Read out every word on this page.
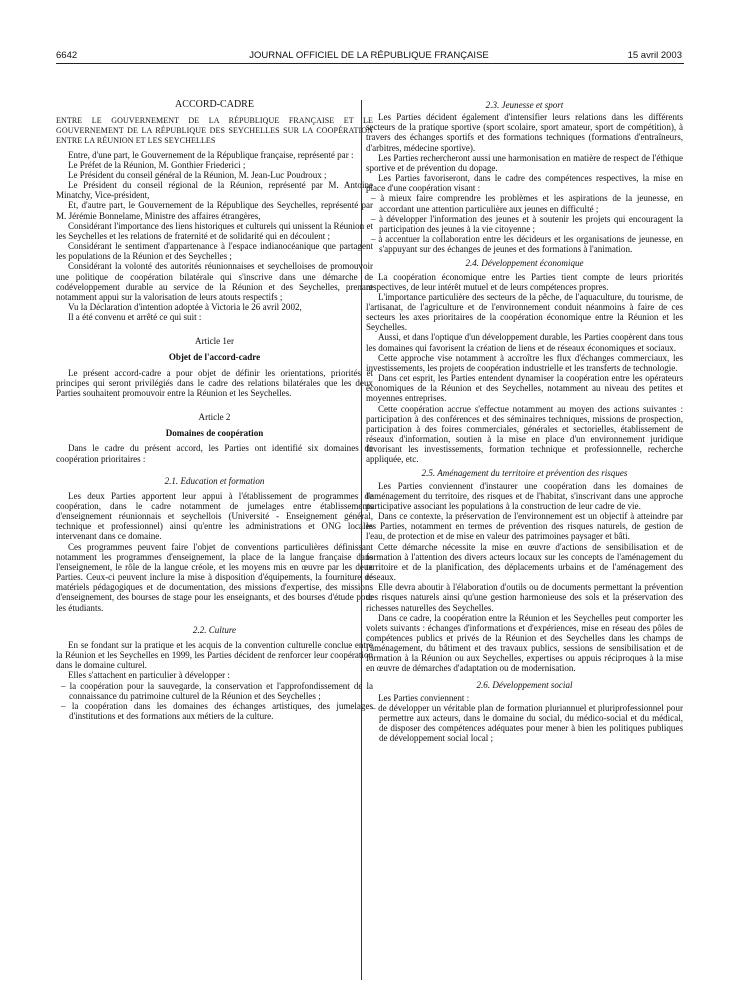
6642	JOURNAL OFFICIEL DE LA RÉPUBLIQUE FRANÇAISE	15 avril 2003

ACCORD-CADRE

ENTRE LE GOUVERNEMENT DE LA RÉPUBLIQUE FRANÇAISE ET LE GOUVERNEMENT DE LA RÉPUBLIQUE DES SEYCHELLES SUR LA COOPÉRATION ENTRE LA RÉUNION ET LES SEYCHELLES

Entre, d'une part, le Gouvernement de la République française, représenté par :

Le Préfet de la Réunion, M. Gonthier Friederici ;

Le Président du conseil général de la Réunion, M. Jean-Luc Poudroux ;

Le Président du conseil régional de la Réunion, représenté par M. Antoine Minatchy, Vice-président,

Et, d'autre part, le Gouvernement de la République des Seychelles, représenté par M. Jérémie Bonnelame, Ministre des affaires étrangères,

Considérant l'importance des liens historiques et culturels qui unissent la Réunion et les Seychelles et les relations de fraternité et de solidarité qui en découlent ;

Considérant le sentiment d'appartenance à l'espace indianocéanique que partagent les populations de la Réunion et des Seychelles ;

Considérant la volonté des autorités réunionnaises et seychelloises de promouvoir une politique de coopération bilatérale qui s'inscrive dans une démarche de codéveloppement durable au service de la Réunion et des Seychelles, prenant notamment appui sur la valorisation de leurs atouts respectifs ;

Vu la Déclaration d'intention adoptée à Victoria le 26 avril 2002,

Il a été convenu et arrêté ce qui suit :

Article 1er

Objet de l'accord-cadre

Le présent accord-cadre a pour objet de définir les orientations, priorités et principes qui seront privilégiés dans le cadre des relations bilatérales que les deux Parties souhaitent promouvoir entre la Réunion et les Seychelles.

Article 2

Domaines de coopération

Dans le cadre du présent accord, les Parties ont identifié six domaines de coopération prioritaires :

2.1. Education et formation

Les deux Parties apportent leur appui à l'établissement de programmes de coopération, dans le cadre notamment de jumelages entre établissements d'enseignement réunionnais et seychellois (Université - Enseignement général, technique et professionnel) ainsi qu'entre les administrations et ONG locales intervenant dans ce domaine.

Ces programmes peuvent faire l'objet de conventions particulières définissant notamment les programmes d'enseignement, la place de la langue française dans l'enseignement, le rôle de la langue créole, et les moyens mis en œuvre par les deux Parties. Ceux-ci peuvent inclure la mise à disposition d'équipements, la fourniture de matériels pédagogiques et de documentation, des missions d'expertise, des missions d'enseignement, des bourses de stage pour les enseignants, et des bourses d'étude pour les étudiants.

2.2. Culture

En se fondant sur la pratique et les acquis de la convention culturelle conclue entre la Réunion et les Seychelles en 1999, les Parties décident de renforcer leur coopération dans le domaine culturel.

Elles s'attachent en particulier à développer :

– la coopération pour la sauvegarde, la conservation et l'approfondissement de la connaissance du patrimoine culturel de la Réunion et des Seychelles ;
– la coopération dans les domaines des échanges artistiques, des jumelages d'institutions et des formations aux métiers de la culture.

2.3. Jeunesse et sport

Les Parties décident également d'intensifier leurs relations dans les différents secteurs de la pratique sportive (sport scolaire, sport amateur, sport de compétition), à travers des échanges sportifs et des formations techniques (formations d'entraîneurs, d'arbitres, médecine sportive).

Les Parties rechercheront aussi une harmonisation en matière de respect de l'éthique sportive et de prévention du dopage.

Les Parties favoriseront, dans le cadre des compétences respectives, la mise en place d'une coopération visant :

– à mieux faire comprendre les problèmes et les aspirations de la jeunesse, en accordant une attention particulière aux jeunes en difficulté ;
– à développer l'information des jeunes et à soutenir les projets qui encouragent la participation des jeunes à la vie citoyenne ;
– à accentuer la collaboration entre les décideurs et les organisations de jeunesse, en s'appuyant sur des échanges de jeunes et des formations à l'animation.

2.4. Développement économique

La coopération économique entre les Parties tient compte de leurs priorités respectives, de leur intérêt mutuel et de leurs compétences propres.

L'importance particulière des secteurs de la pêche, de l'aquaculture, du tourisme, de l'artisanat, de l'agriculture et de l'environnement conduit néanmoins à faire de ces secteurs les axes prioritaires de la coopération économique entre la Réunion et les Seychelles.

Aussi, et dans l'optique d'un développement durable, les Parties coopèrent dans tous les domaines qui favorisent la création de liens et de réseaux économiques et sociaux.

Cette approche vise notamment à accroître les flux d'échanges commerciaux, les investissements, les projets de coopération industrielle et les transferts de technologie.

Dans cet esprit, les Parties entendent dynamiser la coopération entre les opérateurs économiques de la Réunion et des Seychelles, notamment au niveau des petites et moyennes entreprises.

Cette coopération accrue s'effectue notamment au moyen des actions suivantes : participation à des conférences et des séminaires techniques, missions de prospection, participation à des foires commerciales, générales et sectorielles, établissement de réseaux d'information, soutien à la mise en place d'un environnement juridique favorisant les investissements, formation technique et professionnelle, recherche appliquée, etc.

2.5. Aménagement du territoire et prévention des risques

Les Parties conviennent d'instaurer une coopération dans les domaines de l'aménagement du territoire, des risques et de l'habitat, s'inscrivant dans une approche participative associant les populations à la construction de leur cadre de vie.

Dans ce contexte, la préservation de l'environnement est un objectif à atteindre par les Parties, notamment en termes de prévention des risques naturels, de gestion de l'eau, de protection et de mise en valeur des patrimoines paysager et bâti.

Cette démarche nécessite la mise en œuvre d'actions de sensibilisation et de formation à l'attention des divers acteurs locaux sur les concepts de l'aménagement du territoire et de la planification, des déplacements urbains et de l'aménagement des réseaux.

Elle devra aboutir à l'élaboration d'outils ou de documents permettant la prévention des risques naturels ainsi qu'une gestion harmonieuse des sols et la préservation des richesses naturelles des Seychelles.

Dans ce cadre, la coopération entre la Réunion et les Seychelles peut comporter les volets suivants : échanges d'informations et d'expériences, mise en réseau des pôles de compétences publics et privés de la Réunion et des Seychelles dans les champs de l'aménagement, du bâtiment et des travaux publics, sessions de sensibilisation et de formation à la Réunion ou aux Seychelles, expertises ou appuis réciproques à la mise en œuvre de démarches d'adaptation ou de modernisation.

2.6. Développement social

Les Parties conviennent :

– de développer un véritable plan de formation pluriannuel et pluriprofessionnel pour permettre aux acteurs, dans le domaine du social, du médico-social et du médical, de disposer des compétences adéquates pour mener à bien les politiques publiques de développement social local ;
